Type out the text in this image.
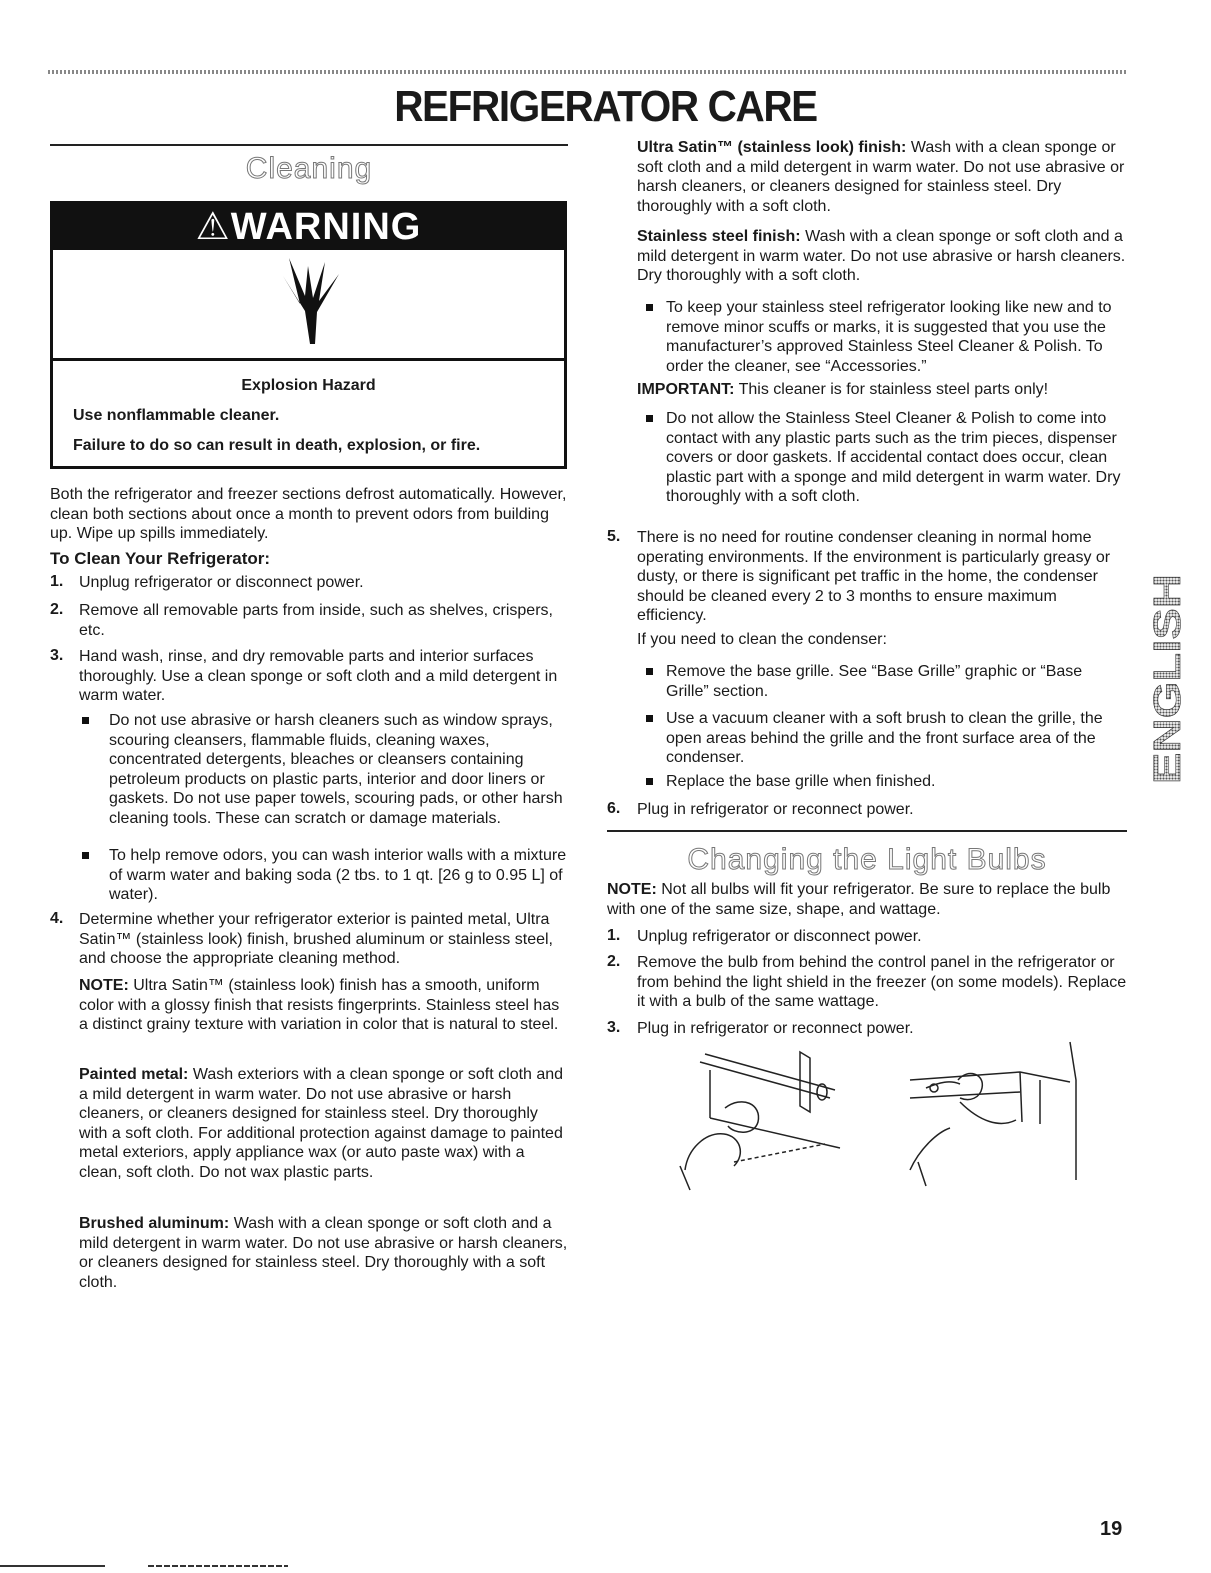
REFRIGERATOR CARE
Cleaning
⚠WARNING
Explosion Hazard
Use nonflammable cleaner.
Failure to do so can result in death, explosion, or fire.

Both the refrigerator and freezer sections defrost automatically. However, clean both sections about once a month to prevent odors from building up. Wipe up spills immediately.

To Clean Your Refrigerator:
1. Unplug refrigerator or disconnect power.

2. Remove all removable parts from inside, such as shelves, crispers, etc.

3. Hand wash, rinse, and dry removable parts and interior surfaces thoroughly. Use a clean sponge or soft cloth and a mild detergent in warm water.

Do not use abrasive or harsh cleaners such as window sprays, scouring cleansers, flammable fluids, cleaning waxes, concentrated detergents, bleaches or cleansers containing petroleum products on plastic parts, interior and door liners or gaskets. Do not use paper towels, scouring pads, or other harsh cleaning tools. These can scratch or damage materials.

To help remove odors, you can wash interior walls with a mixture of warm water and baking soda (2 tbs. to 1 qt. [26 g to 0.95 L] of water).

4. Determine whether your refrigerator exterior is painted metal, Ultra Satin™ (stainless look) finish, brushed aluminum or stainless steel, and choose the appropriate cleaning method.

NOTE: Ultra Satin™ (stainless look) finish has a smooth, uniform color with a glossy finish that resists fingerprints. Stainless steel has a distinct grainy texture with variation in color that is natural to steel.

Painted metal: Wash exteriors with a clean sponge or soft cloth and a mild detergent in warm water. Do not use abrasive or harsh cleaners, or cleaners designed for stainless steel. Dry thoroughly with a soft cloth. For additional protection against damage to painted metal exteriors, apply appliance wax (or auto paste wax) with a clean, soft cloth. Do not wax plastic parts.

Brushed aluminum: Wash with a clean sponge or soft cloth and a mild detergent in warm water. Do not use abrasive or harsh cleaners, or cleaners designed for stainless steel. Dry thoroughly with a soft cloth.

Ultra Satin™ (stainless look) finish: Wash with a clean sponge or soft cloth and a mild detergent in warm water. Do not use abrasive or harsh cleaners, or cleaners designed for stainless steel. Dry thoroughly with a soft cloth.

Stainless steel finish: Wash with a clean sponge or soft cloth and a mild detergent in warm water. Do not use abrasive or harsh cleaners. Dry thoroughly with a soft cloth.

To keep your stainless steel refrigerator looking like new and to remove minor scuffs or marks, it is suggested that you use the manufacturer’s approved Stainless Steel Cleaner & Polish. To order the cleaner, see “Accessories.”

IMPORTANT: This cleaner is for stainless steel parts only!

Do not allow the Stainless Steel Cleaner & Polish to come into contact with any plastic parts such as the trim pieces, dispenser covers or door gaskets. If accidental contact does occur, clean plastic part with a sponge and mild detergent in warm water. Dry thoroughly with a soft cloth.

5. There is no need for routine condenser cleaning in normal home operating environments. If the environment is particularly greasy or dusty, or there is significant pet traffic in the home, the condenser should be cleaned every 2 to 3 months to ensure maximum efficiency.

If you need to clean the condenser:

Remove the base grille. See “Base Grille” graphic or “Base Grille” section.

Use a vacuum cleaner with a soft brush to clean the grille, the open areas behind the grille and the front surface area of the condenser.

Replace the base grille when finished.

6. Plug in refrigerator or reconnect power.

Changing the Light Bulbs

NOTE: Not all bulbs will fit your refrigerator. Be sure to replace the bulb with one of the same size, shape, and wattage.

1. Unplug refrigerator or disconnect power.

2. Remove the bulb from behind the control panel in the refrigerator or from behind the light shield in the freezer (on some models). Replace it with a bulb of the same wattage.

3. Plug in refrigerator or reconnect power.

ENGLISH
19
